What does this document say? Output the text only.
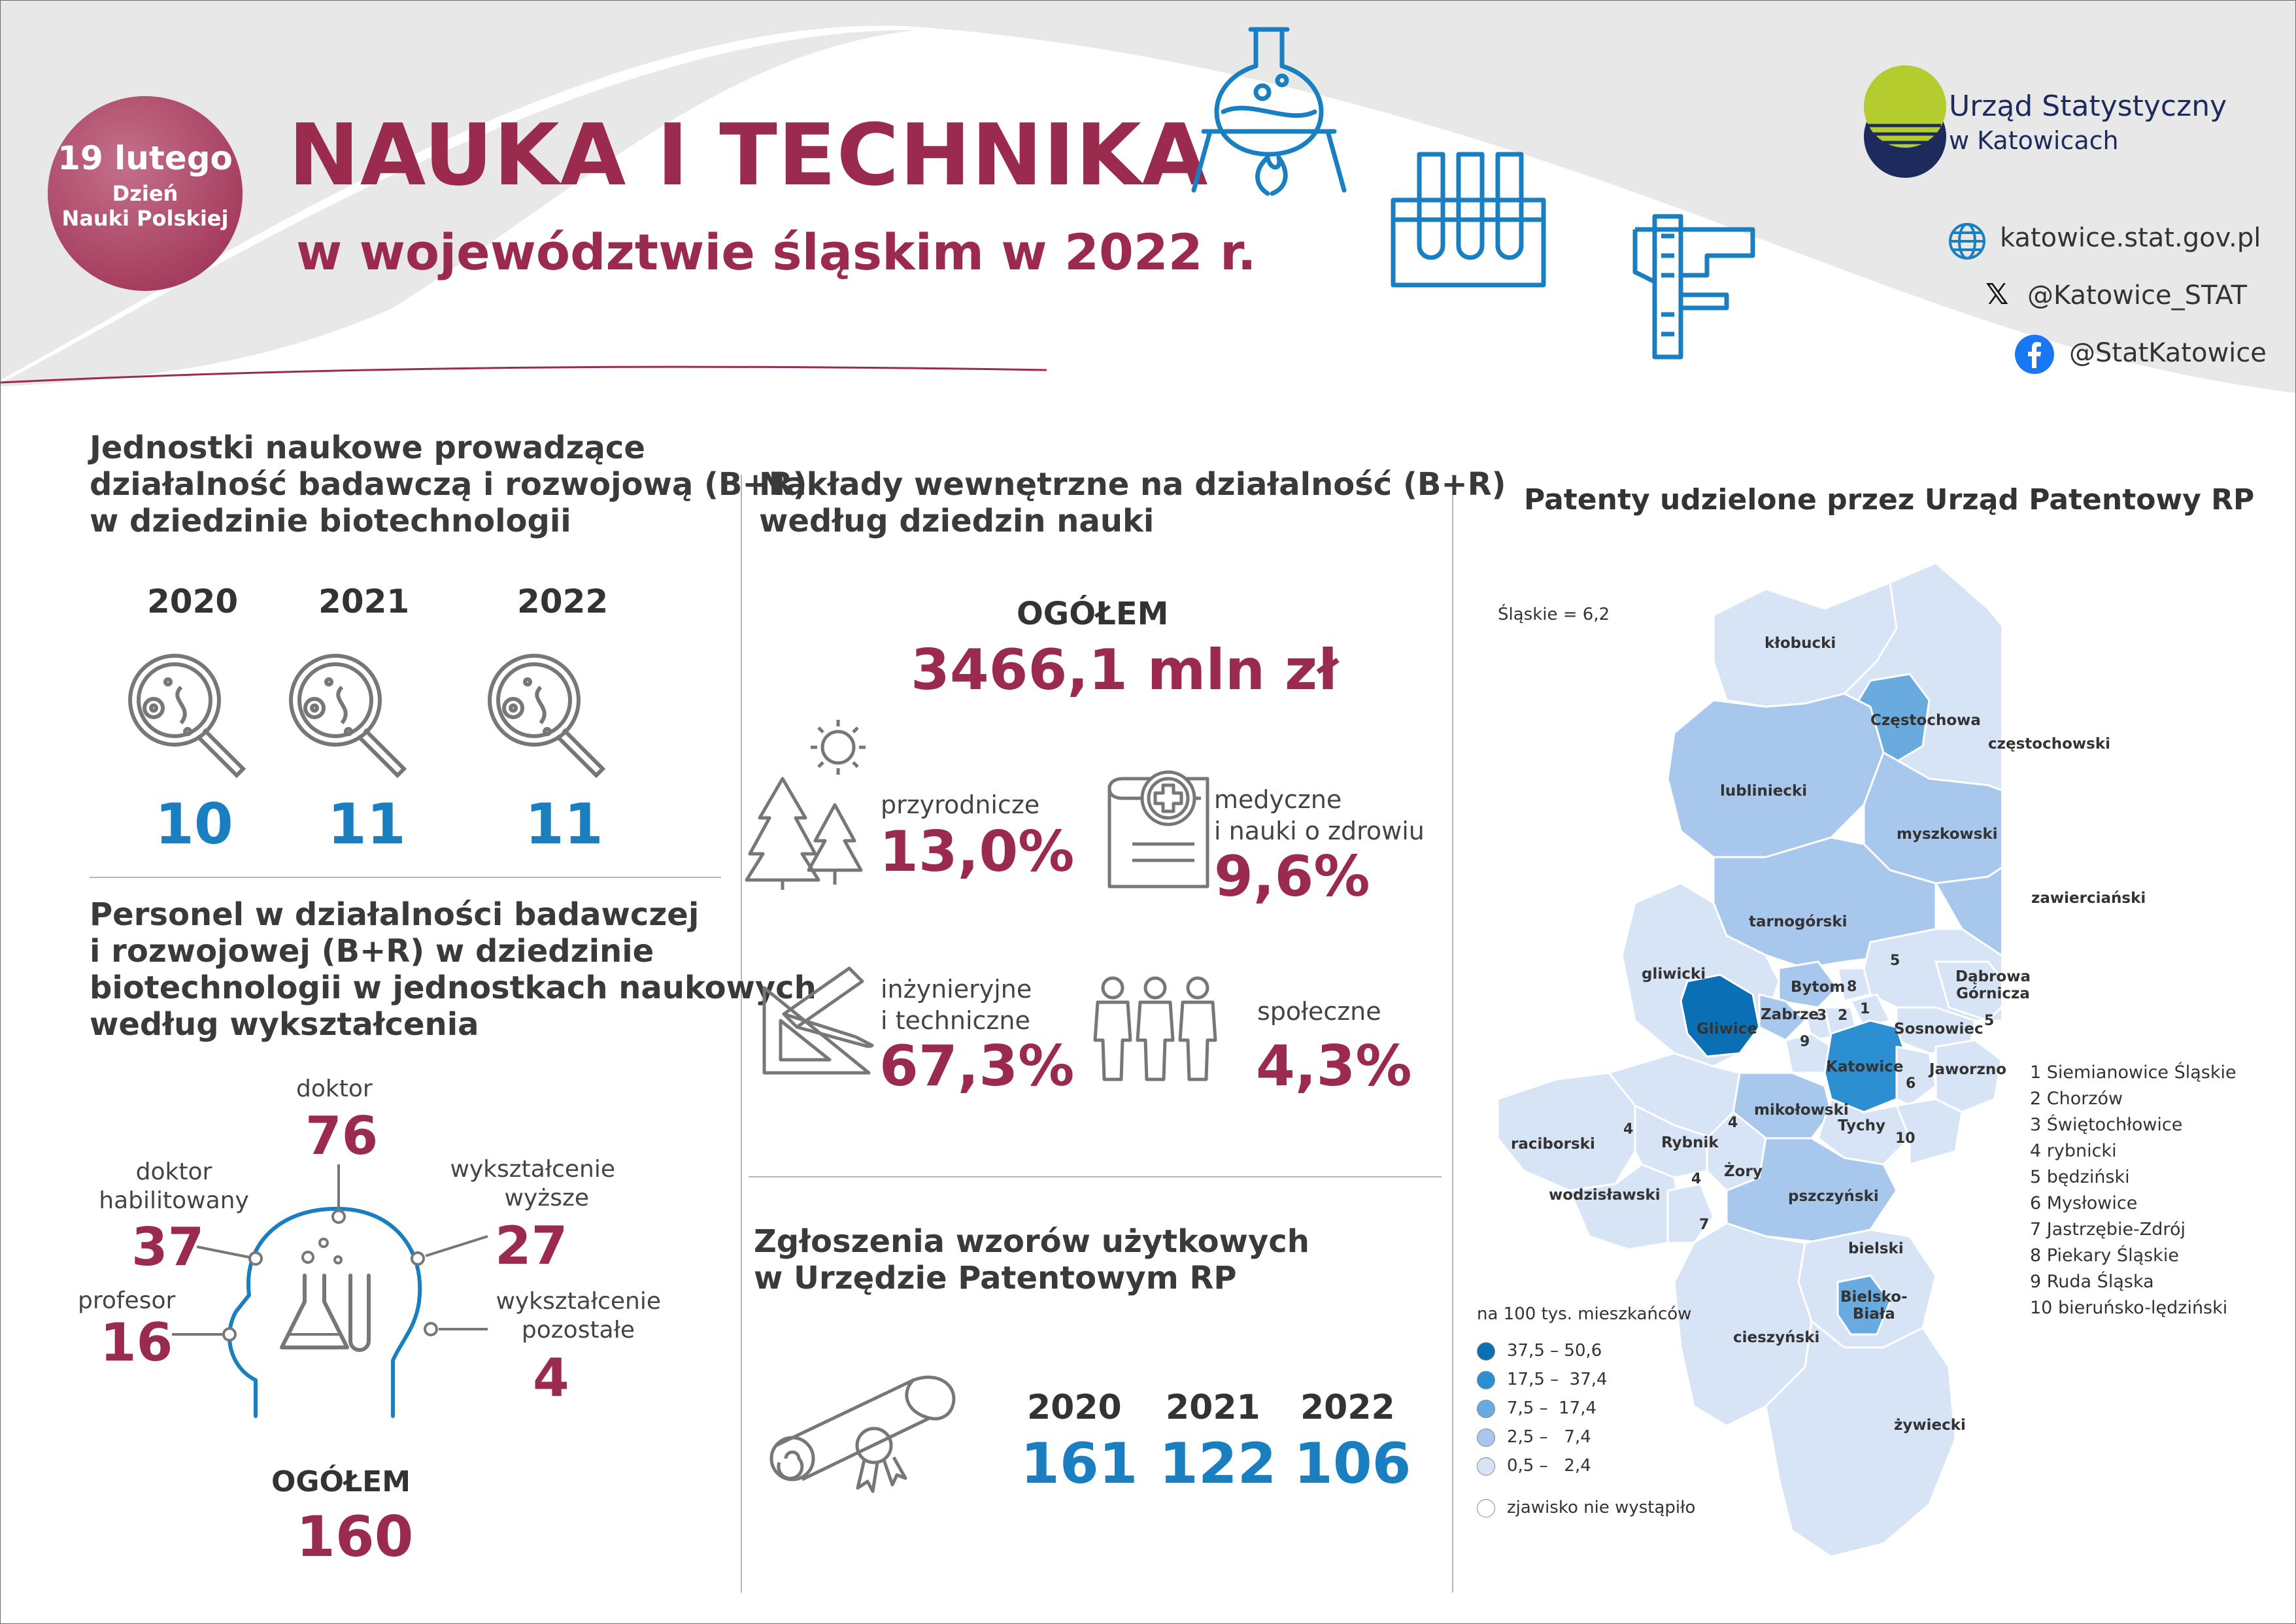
19 lutego
Dzień
Nauki Polskiej
NAUKA I TECHNIKA
w województwie śląskim w 2022 r.
Urząd Statystyczny
w Katowicach
katowice.stat.gov.pl
𝕏 @Katowice_STAT
@StatKatowice
Jednostki naukowe prowadzące
działalność badawczą i rozwojową (B+R)
w dziedzinie biotechnologii
2020 2021	2022
10 11 11
Personel w działalności badawczej
i rozwojowej (B+R) w dziedzinie
biotechnologii w jednostkach naukowych
według wykształcenia
doktor
76
doktor
habilitowany
37
profesor
16
wykształcenie
wyższe
27
wykształcenie
pozostałe
4
OGÓŁEM
160
Nakłady wewnętrzne na działalność (B+R)
według dziedzin nauki
OGÓŁEM
3466,1 mln zł
przyrodnicze
13,0%
medyczne
i nauki o zdrowiu
9,6%
inżynieryjne
i techniczne
67,3%
społeczne
4,3%
Zgłoszenia wzorów użytkowych
w Urzędzie Patentowym RP
2020 2021 2022
161 122 106
Patenty udzielone przez Urząd Patentowy RP
Śląskie = 6,2
kłobucki
Częstochowa
częstochowski
lubliniecki
myszkowski
zawierciański
tarnogórski
gliwicki
Gliwice
Bytom
Zabrze
Dąbrowa
Górnicza
Sosnowiec
Katowice Jaworzno
mikołowski
Tychy
raciborski	Rybnik
Żory
wodzisławski	pszczyński
bielski
Bielsko-
Biała
cieszyński
żywiecki
1
2
3
4	4
4
5
5
6
7
8
9
10
1 Siemianowice Śląskie
2 Chorzów
3 Świętochłowice
4 rybnicki
5 będziński
6 Mysłowice
7 Jastrzębie-Zdrój
8 Piekary Śląskie
9 Ruda Śląska
10 bieruńsko-lędziński
na 100 tys. mieszkańców
37,5 – 50,6
17,5 –  37,4
7,5 –  17,4
2,5 –   7,4
0,5 –   2,4
zjawisko nie wystąpiło
